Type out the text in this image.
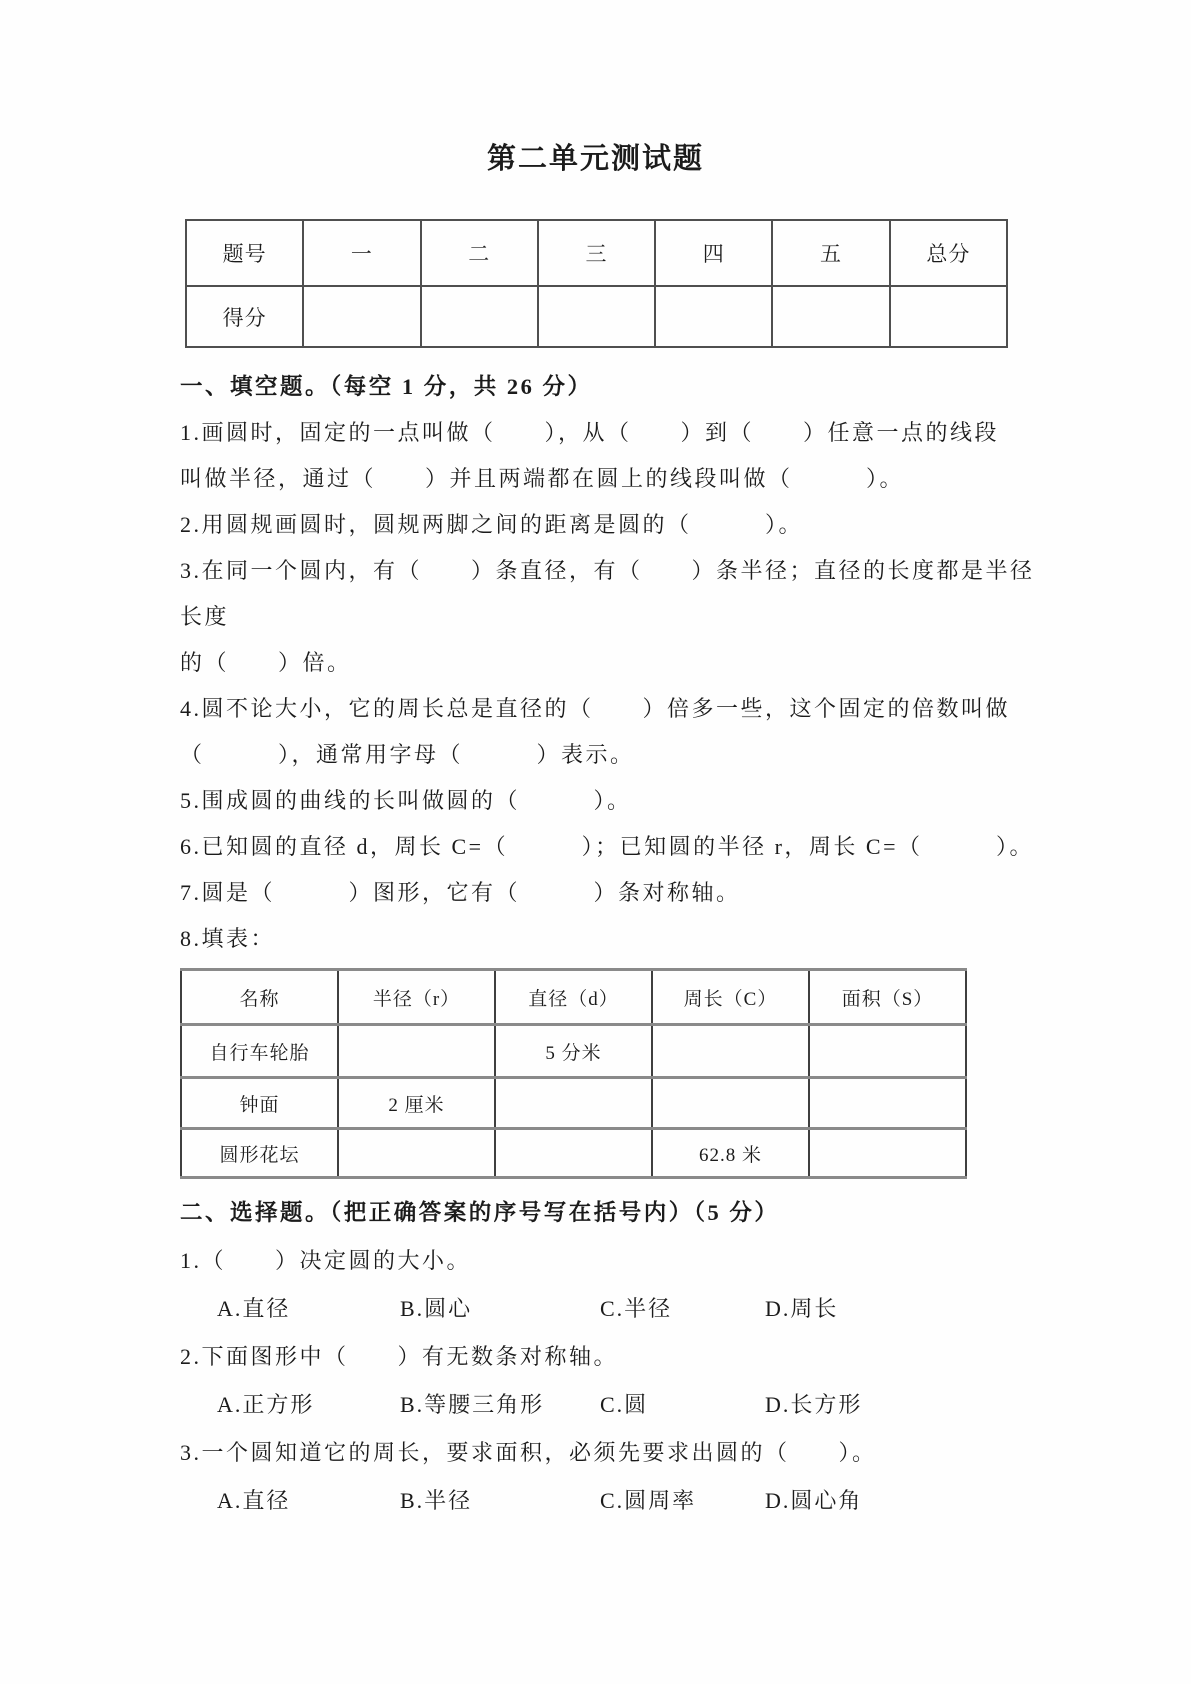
第二单元测试题
题号	一	二	三	四	五	总分
得分						

一、填空题。（每空 1 分，共 26 分）

1.画圆时，固定的一点叫做（　　），从（　　）到（　　）任意一点的线段

叫做半径，通过（　　）并且两端都在圆上的线段叫做（　　　）。

2.用圆规画圆时，圆规两脚之间的距离是圆的（　　　）。

3.在同一个圆内，有（　　）条直径，有（　　）条半径；直径的长度都是半径

长度

的（　　）倍。

4.圆不论大小，它的周长总是直径的（　　）倍多一些，这个固定的倍数叫做

（　　　），通常用字母（　　　）表示。

5.围成圆的曲线的长叫做圆的（　　　）。

6.已知圆的直径 d，周长 C=（　　　）；已知圆的半径 r，周长 C=（　　　）。

7.圆是（　　　）图形，它有（　　　）条对称轴。

8.填表：

名称	半径（r）	直径（d）	周长（C）	面积（S）
自行车轮胎		5 分米		
钟面	2 厘米			
圆形花坛			62.8 米	

二、选择题。（把正确答案的序号写在括号内）（5 分）

1.（　　）决定圆的大小。

A.直径	B.圆心	C.半径	D.周长

2.下面图形中（　　）有无数条对称轴。

A.正方形	B.等腰三角形	C.圆	D.长方形

3.一个圆知道它的周长，要求面积，必须先要求出圆的（　　）。

A.直径	B.半径	C.圆周率	D.圆心角
